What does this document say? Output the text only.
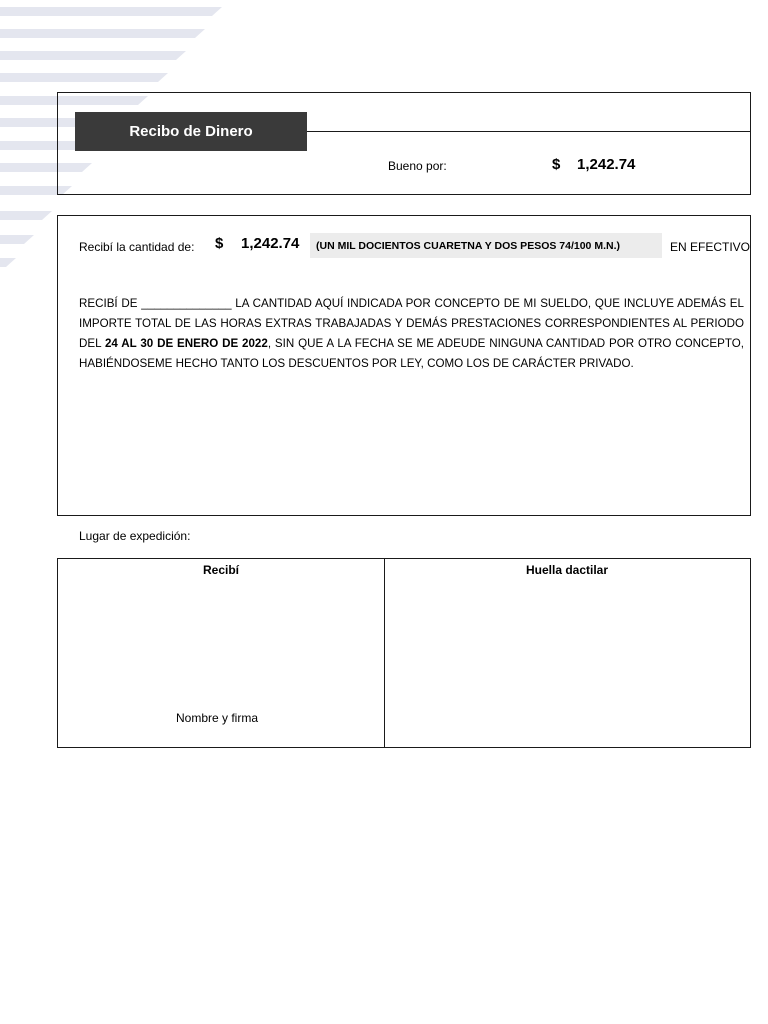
Recibo de Dinero
Bueno por:	$ 1,242.74
Recibí la cantidad de: $ 1,242.74	(UN MIL DOCIENTOS CUARETNA Y DOS PESOS 74/100 M.N.)	EN EFECTIVO
RECIBÍ DE ______________ LA CANTIDAD AQUÍ INDICADA POR CONCEPTO DE MI SUELDO, QUE INCLUYE ADEMÁS EL IMPORTE TOTAL DE LAS HORAS EXTRAS TRABAJADAS Y DEMÁS PRESTACIONES CORRESPONDIENTES AL PERIODO DEL 24 AL 30 DE ENERO DE 2022, SIN QUE A LA FECHA SE ME ADEUDE NINGUNA CANTIDAD POR OTRO CONCEPTO, HABIÉNDOSEME HECHO TANTO LOS DESCUENTOS POR LEY, COMO LOS DE CARÁCTER PRIVADO.
Lugar de expedición:
Recibí	Huella dactilar
Nombre y firma
